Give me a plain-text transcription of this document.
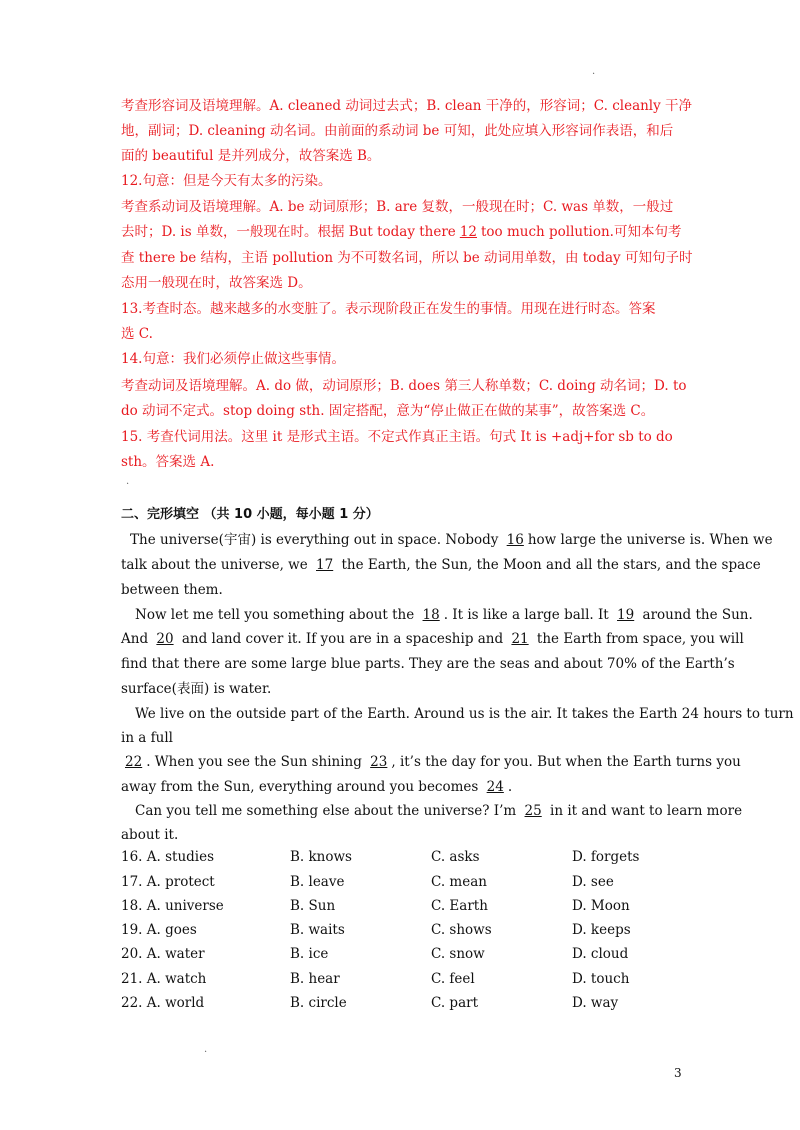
.
考查形容词及语境理解。A. cleaned 动词过去式；B. clean 干净的，形容词；C. cleanly 干净
地，副词；D. cleaning 动名词。由前面的系动词 be 可知，此处应填入形容词作表语，和后
面的 beautiful 是并列成分，故答案选 B。
12.句意：但是今天有太多的污染。
考查系动词及语境理解。A. be 动词原形；B. are 复数，一般现在时；C. was 单数，一般过
去时；D. is 单数，一般现在时。根据 But today there 12 too much pollution.可知本句考
查 there be 结构，主语 pollution 为不可数名词，所以 be 动词用单数，由 today 可知句子时
态用一般现在时，故答案选 D。
13.考查时态。越来越多的水变脏了。表示现阶段正在发生的事情。用现在进行时态。答案
选 C.
14.句意：我们必须停止做这些事情。
考查动词及语境理解。A. do 做，动词原形；B. does 第三人称单数；C. doing 动名词；D. to
do 动词不定式。stop doing sth. 固定搭配，意为“停止做正在做的某事”，故答案选 C。
15. 考查代词用法。这里 it 是形式主语。不定式作真正主语。句式 It is +adj+for sb to do
sth。答案选 A.
.
二、完形填空 （共 10 小题，每小题 1 分）
The universe(宇宙) is everything out in space. Nobody 16 how large the universe is. When we
talk about the universe, we 17 the Earth, the Sun, the Moon and all the stars, and the space
between them.
Now let me tell you something about the 18 . It is like a large ball. It 19 around the Sun.
And 20 and land cover it. If you are in a spaceship and 21 the Earth from space, you will
find that there are some large blue parts. They are the seas and about 70% of the Earth’s
surface(表面) is water.
We live on the outside part of the Earth. Around us is the air. It takes the Earth 24 hours to turn
in a full
22 . When you see the Sun shining 23 , it’s the day for you. But when the Earth turns you
away from the Sun, everything around you becomes 24 .
Can you tell me something else about the universe? I’m 25 in it and want to learn more
about it.
16. A. studies	B. knows	C. asks	D. forgets
17. A. protect	B. leave	C. mean	D. see
18. A. universe	B. Sun	C. Earth	D. Moon
19. A. goes	B. waits	C. shows	D. keeps
20. A. water	B. ice	C. snow	D. cloud
21. A. watch	B. hear	C. feel	D. touch
22. A. world	B. circle	C. part	D. way
.
3
